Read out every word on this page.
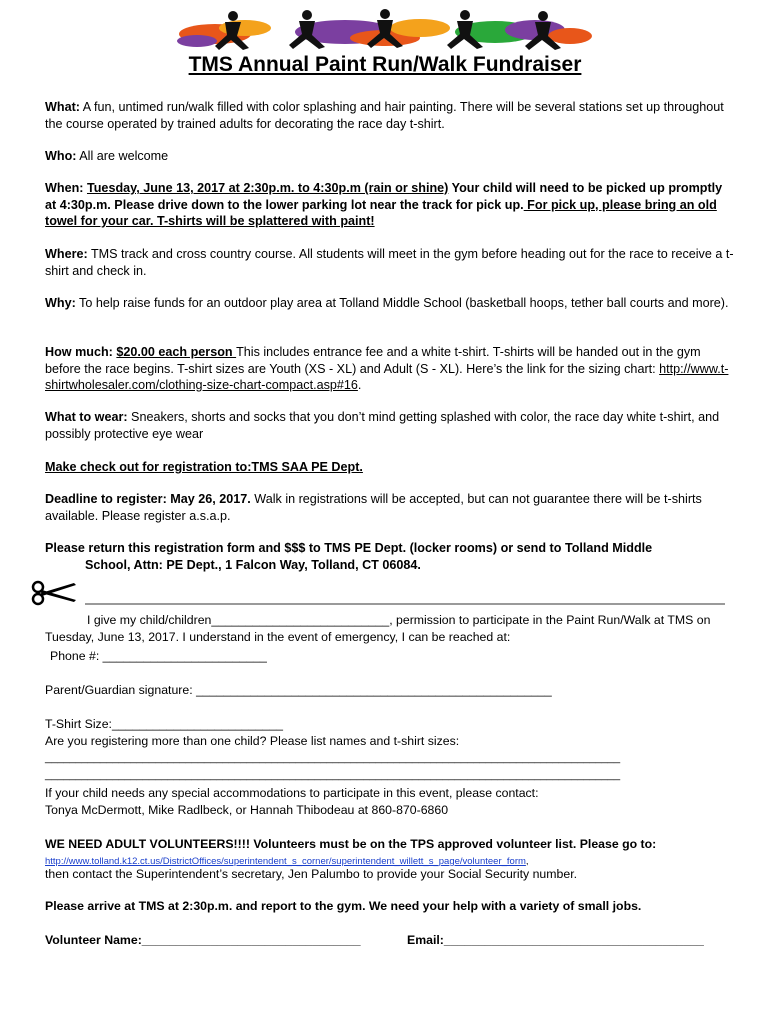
TMS Annual Paint Run/Walk Fundraiser
What: A fun, untimed run/walk filled with color splashing and hair painting. There will be several stations set up throughout the course operated by trained adults for decorating the race day t-shirt.
Who: All are welcome
When: Tuesday, June 13, 2017 at 2:30p.m. to 4:30p.m (rain or shine) Your child will need to be picked up promptly at 4:30p.m. Please drive down to the lower parking lot near the track for pick up. For pick up, please bring an old towel for your car. T-shirts will be splattered with paint!
Where: TMS track and cross country course. All students will meet in the gym before heading out for the race to receive a t- shirt and check in.
Why: To help raise funds for an outdoor play area at Tolland Middle School (basketball hoops, tether ball courts and more).
How much: $20.00 each person This includes entrance fee and a white t-shirt. T-shirts will be handed out in the gym before the race begins. T-shirt sizes are Youth (XS - XL) and Adult (S - XL). Here’s the link for the sizing chart: http://www.t-shirtwholesaler.com/clothing-size-chart-compact.asp#16.
What to wear: Sneakers, shorts and socks that you don’t mind getting splashed with color, the race day white t-shirt, and possibly protective eye wear
Make check out for registration to:TMS SAA PE Dept.
Deadline to register: May 26, 2017. Walk in registrations will be accepted, but can not guarantee there will be t-shirts available. Please register a.s.a.p.
Please return this registration form and $$$ to TMS PE Dept. (locker rooms) or send to Tolland Middle
School, Attn: PE Dept., 1 Falcon Way, Tolland, CT 06084.
I give my child/children__________________________, permission to participate in the Paint Run/Walk at TMS on
Tuesday, June 13, 2017. I understand in the event of emergency, I can be reached at:
Phone #: ________________________
Parent/Guardian signature: ____________________________________________________
T-Shirt Size:_________________________
Are you registering more than one child? Please list names and t-shirt sizes:
______________________________________________________________________________________________
______________________________________________________________________________________________
If your child needs any special accommodations to participate in this event, please contact:
Tonya McDermott, Mike Radlbeck, or Hannah Thibodeau at 860-870-6860
WE NEED ADULT VOLUNTEERS!!!! Volunteers must be on the TPS approved volunteer list. Please go to:
http://www.tolland.k12.ct.us/DistrictOffices/superintendent_s_corner/superintendent_willett_s_page/volunteer_form,
then contact the Superintendent’s secretary, Jen Palumbo to provide your Social Security number.
Please arrive at TMS at 2:30p.m. and report to the gym. We need your help with a variety of small jobs.
Volunteer Name:________________________________	Email:______________________________________
